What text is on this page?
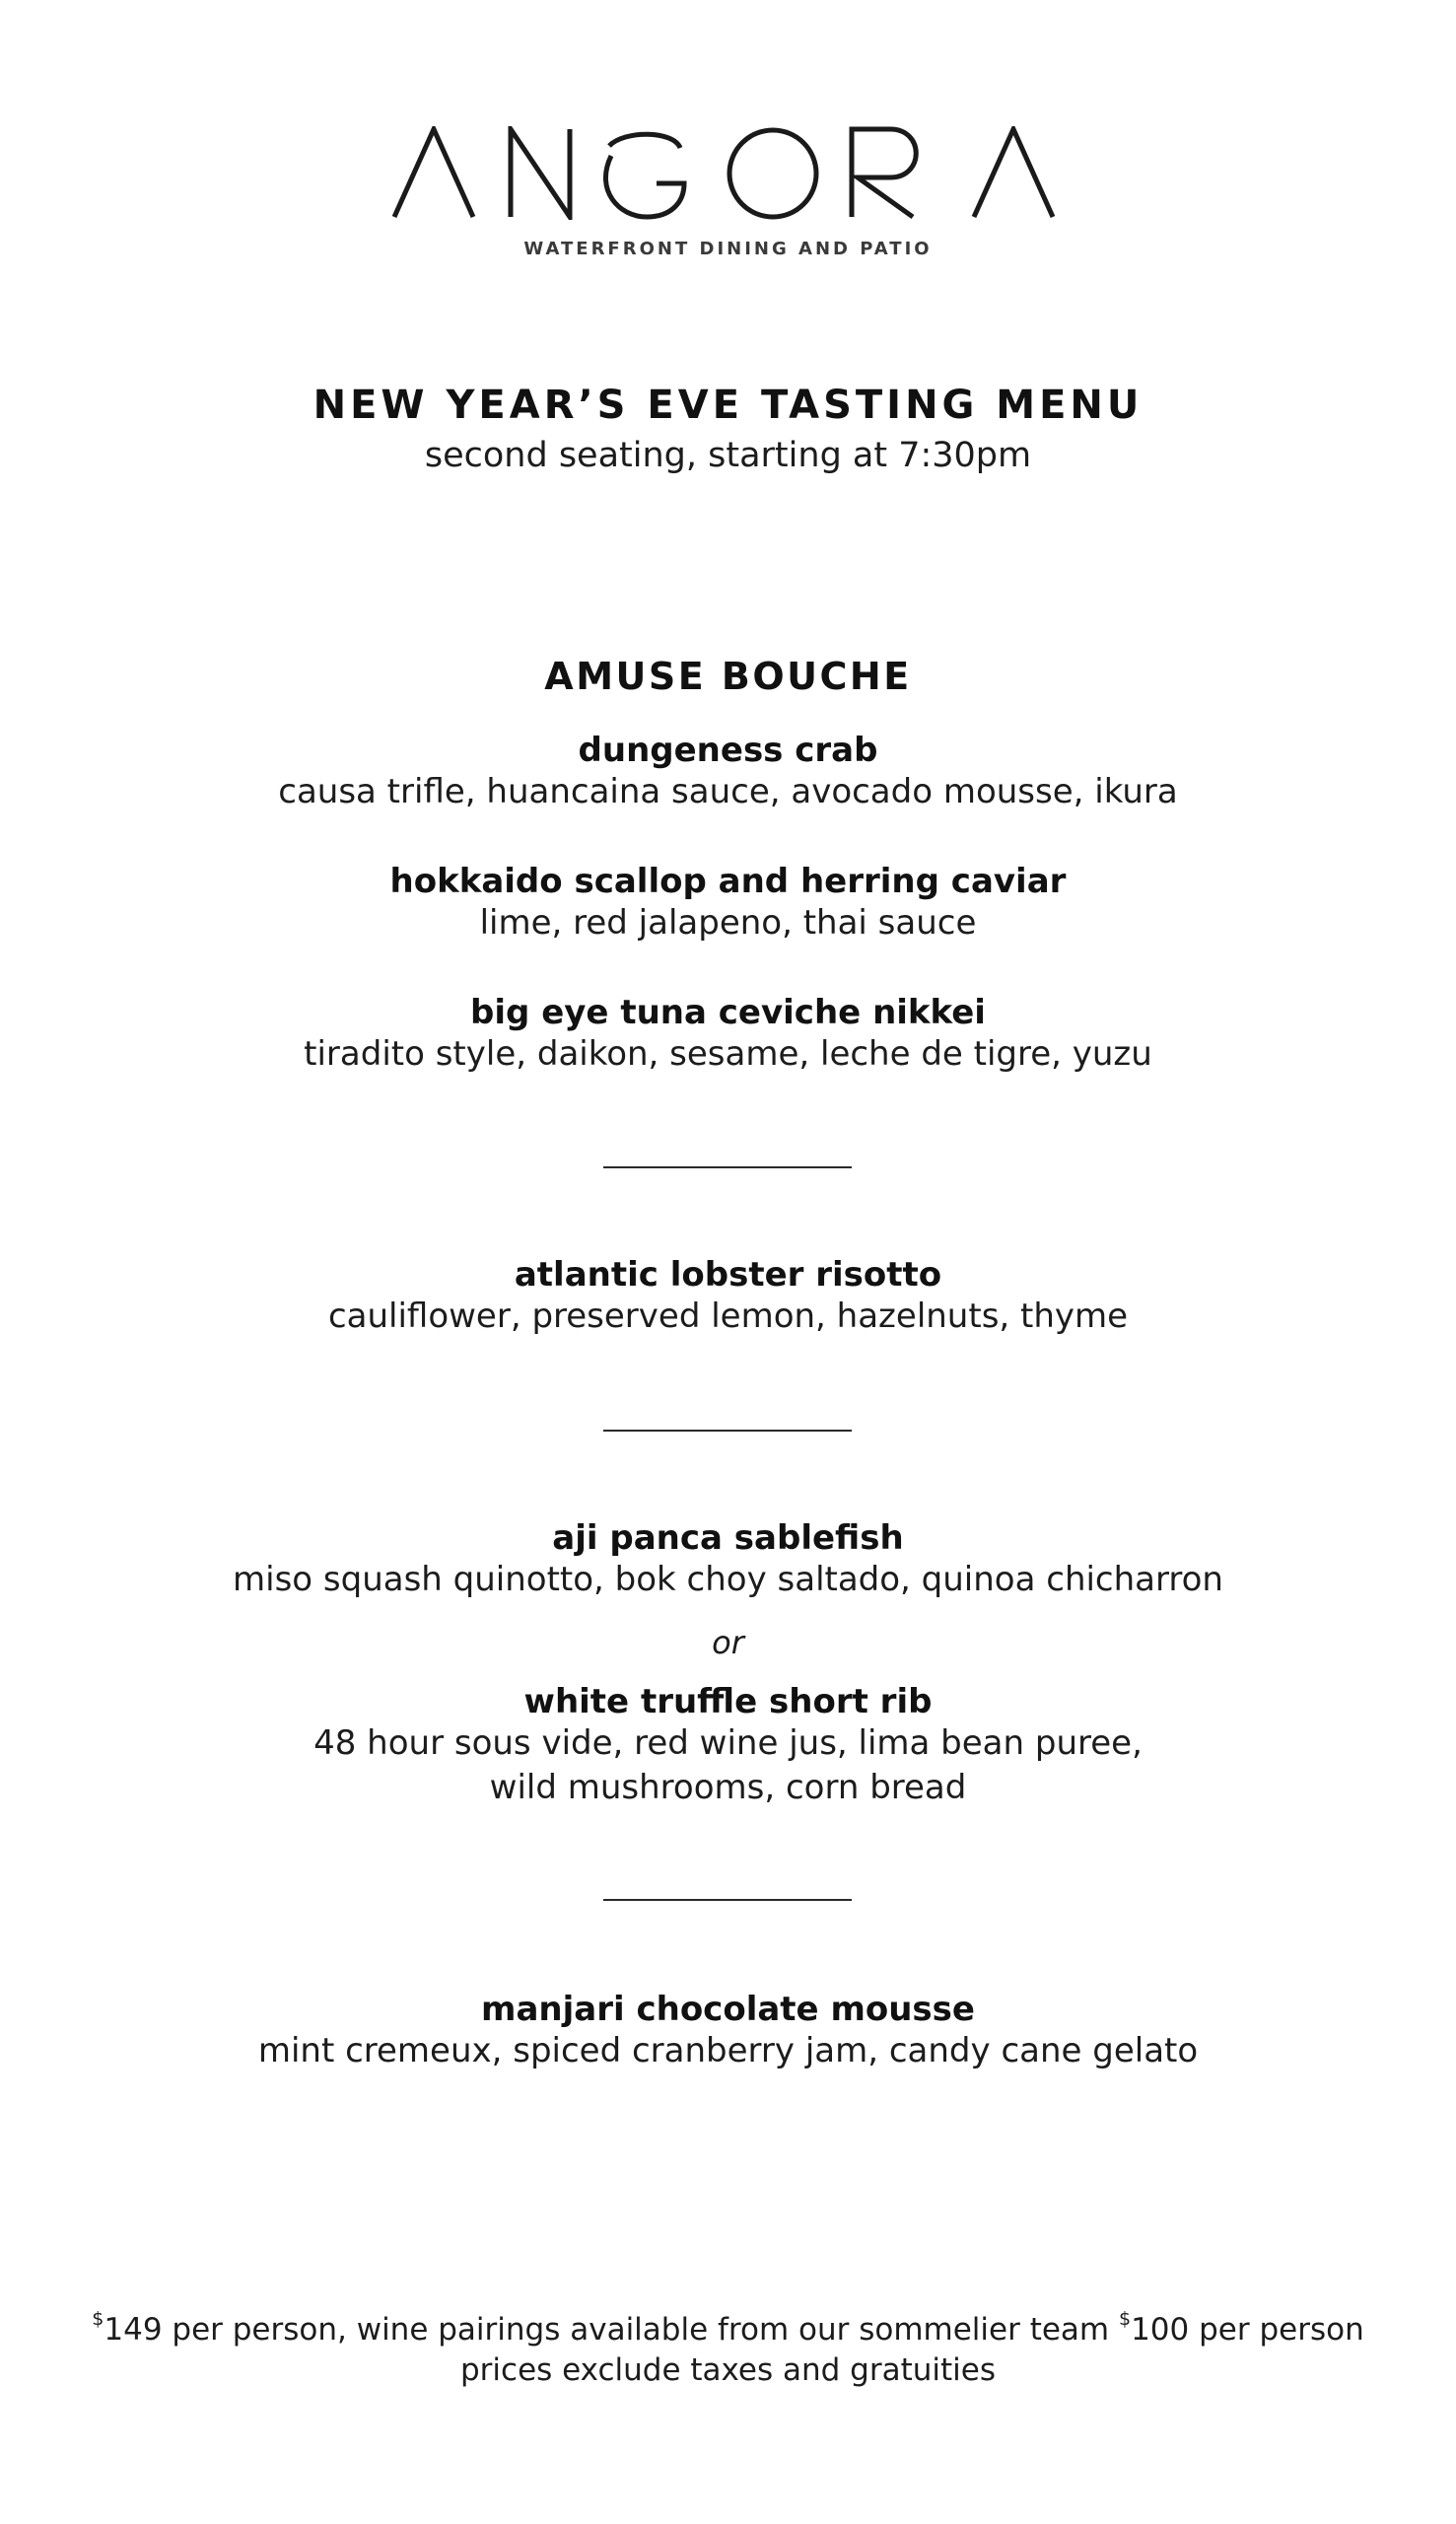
WATERFRONT DINING AND PATIO
NEW YEAR’S EVE TASTING MENU
second seating, starting at 7:30pm
AMUSE BOUCHE
dungeness crab
causa trifle, huancaina sauce, avocado mousse, ikura
hokkaido scallop and herring caviar
lime, red jalapeno, thai sauce
big eye tuna ceviche nikkei
tiradito style, daikon, sesame, leche de tigre, yuzu
atlantic lobster risotto
cauliflower, preserved lemon, hazelnuts, thyme
aji panca sablefish
miso squash quinotto, bok choy saltado, quinoa chicharron
or
white truffle short rib
48 hour sous vide, red wine jus, lima bean puree,
wild mushrooms, corn bread
manjari chocolate mousse
mint cremeux, spiced cranberry jam, candy cane gelato
$149 per person, wine pairings available from our sommelier team $100 per person
prices exclude taxes and gratuities
